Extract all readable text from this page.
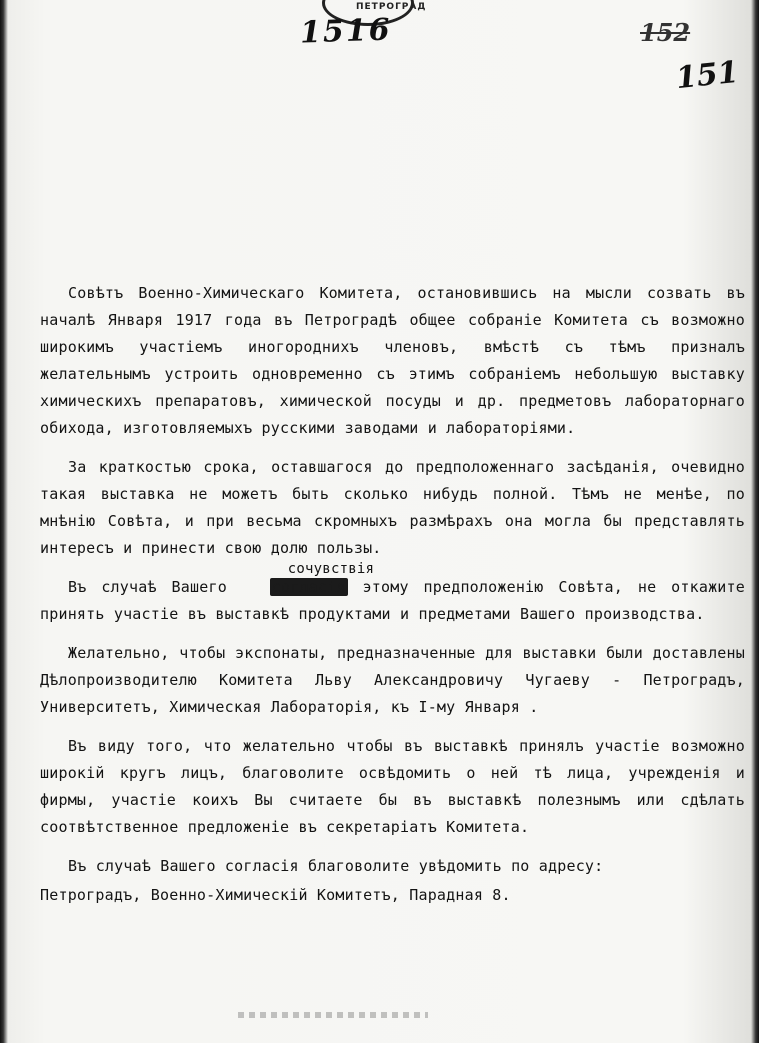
ПЕТРОГРАД
1516	152
151

Совѣтъ Военно-Химическаго Комитета, остановившись на мысли созвать въ началѣ Января 1917 года въ Петроградѣ общее собраніе Комитета съ возможно широкимъ участіемъ иногороднихъ членовъ, вмѣстѣ съ тѣмъ призналъ желательнымъ устроить одновременно съ этимъ собраніемъ небольшую выставку химическихъ препаратовъ, химической посуды и др. предметовъ лабораторнаго обихода, изготовляемыхъ русскими заводами и лабораторіями.

За краткостью срока, оставшагося до предположеннаго засѣданія, очевидно такая выставка не можетъ быть сколько нибудь полной. Тѣмъ не менѣе, по мнѣнію Совѣта, и при весьма скромныхъ размѣрахъ она могла бы представлять интересъ и принести свою долю пользы.

Въ случаѣ Вашего
сочувствія
согласія этому предположенію Совѣта, не откажите принять участіе въ выставкѣ продуктами и предметами Вашего производства.

Желательно, чтобы экспонаты, предназначенные для выставки были доставлены Дѣлопроизводителю Комитета Льву Александровичу Чугаеву - Петроградъ, Университетъ, Химическая Лабораторія, къ I-му Января .

Въ виду того, что желательно чтобы въ выставкѣ принялъ участіе возможно широкій кругъ лицъ, благоволите освѣдомить о ней тѣ лица, учрежденія и фирмы, участіе коихъ Вы считаете бы въ выставкѣ полезнымъ или сдѣлать соотвѣтственное предложеніе въ секретаріатъ Комитета.

Въ случаѣ Вашего согласія благоволите увѣдомить по адресу:

Петроградъ, Военно-Химическій Комитетъ, Парадная 8.
